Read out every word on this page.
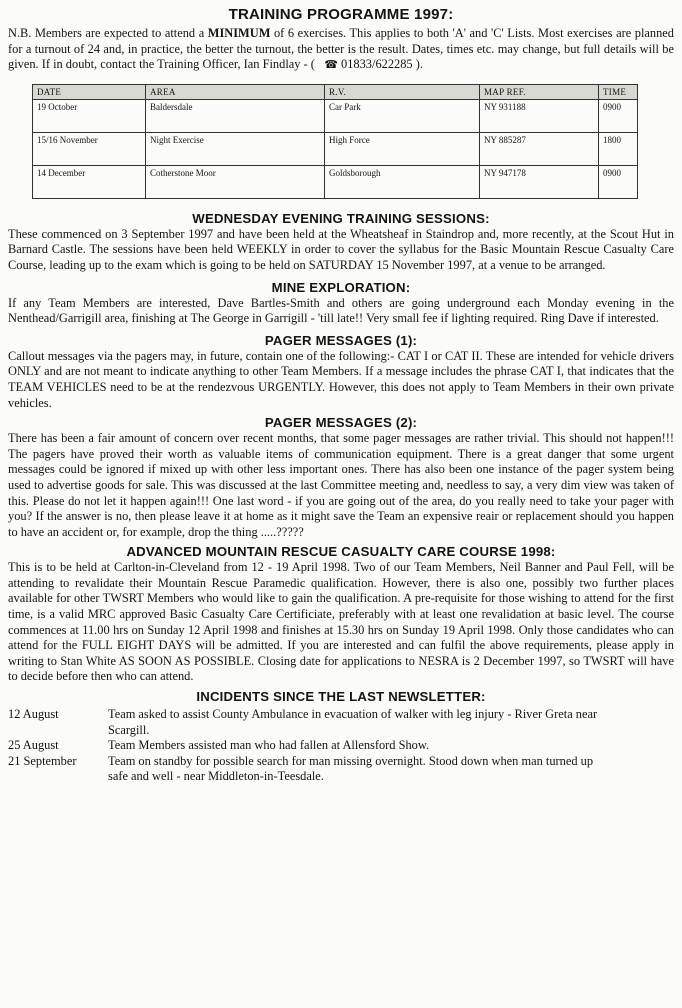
TRAINING PROGRAMME 1997:

N.B. Members are expected to attend a MINIMUM of 6 exercises. This applies to both 'A' and 'C' Lists. Most exercises are planned for a turnout of 24 and, in practice, the better the turnout, the better is the result. Dates, times etc. may change, but full details will be given. If in doubt, contact the Training Officer, Ian Findlay - ( ☎ 01833/622285 ).

DATE	AREA	R.V.	MAP REF.	TIME
19 October	Baldersdale	Car Park	NY 931188	0900
15/16 November	Night Exercise	High Force	NY 885287	1800
14 December	Cotherstone Moor	Goldsborough	NY 947178	0900
WEDNESDAY EVENING TRAINING SESSIONS:

These commenced on 3 September 1997 and have been held at the Wheatsheaf in Staindrop and, more recently, at the Scout Hut in Barnard Castle. The sessions have been held WEEKLY in order to cover the syllabus for the Basic Mountain Rescue Casualty Care Course, leading up to the exam which is going to be held on SATURDAY 15 November 1997, at a venue to be arranged.

MINE EXPLORATION:

If any Team Members are interested, Dave Bartles-Smith and others are going underground each Monday evening in the Nenthead/Garrigill area, finishing at The George in Garrigill - 'till late!! Very small fee if lighting required. Ring Dave if interested.

PAGER MESSAGES (1):

Callout messages via the pagers may, in future, contain one of the following:- CAT I or CAT II. These are intended for vehicle drivers ONLY and are not meant to indicate anything to other Team Members. If a message includes the phrase CAT I, that indicates that the TEAM VEHICLES need to be at the rendezvous URGENTLY. However, this does not apply to Team Members in their own private vehicles.

PAGER MESSAGES (2):

There has been a fair amount of concern over recent months, that some pager messages are rather trivial. This should not happen!!! The pagers have proved their worth as valuable items of communication equipment. There is a great danger that some urgent messages could be ignored if mixed up with other less important ones. There has also been one instance of the pager system being used to advertise goods for sale. This was discussed at the last Committee meeting and, needless to say, a very dim view was taken of this. Please do not let it happen again!!! One last word - if you are going out of the area, do you really need to take your pager with you? If the answer is no, then please leave it at home as it might save the Team an expensive reair or replacement should you happen to have an accident or, for example, drop the thing .....?????

ADVANCED MOUNTAIN RESCUE CASUALTY CARE COURSE 1998:

This is to be held at Carlton-in-Cleveland from 12 - 19 April 1998. Two of our Team Members, Neil Banner and Paul Fell, will be attending to revalidate their Mountain Rescue Paramedic qualification. However, there is also one, possibly two further places available for other TWSRT Members who would like to gain the qualification. A pre-requisite for those wishing to attend for the first time, is a valid MRC approved Basic Casualty Care Certificiate, preferably with at least one revalidation at basic level. The course commences at 11.00 hrs on Sunday 12 April 1998 and finishes at 15.30 hrs on Sunday 19 April 1998. Only those candidates who can attend for the FULL EIGHT DAYS will be admitted. If you are interested and can fulfil the above requirements, please apply in writing to Stan White AS SOON AS POSSIBLE. Closing date for applications to NESRA is 2 December 1997, so TWSRT will have to decide before then who can attend.

INCIDENTS SINCE THE LAST NEWSLETTER:
12 August	Team asked to assist County Ambulance in evacuation of walker with leg injury - River Greta near Scargill.
25 August	Team Members assisted man who had fallen at Allensford Show.
21 September	Team on standby for possible search for man missing overnight. Stood down when man turned up safe and well - near Middleton-in-Teesdale.
